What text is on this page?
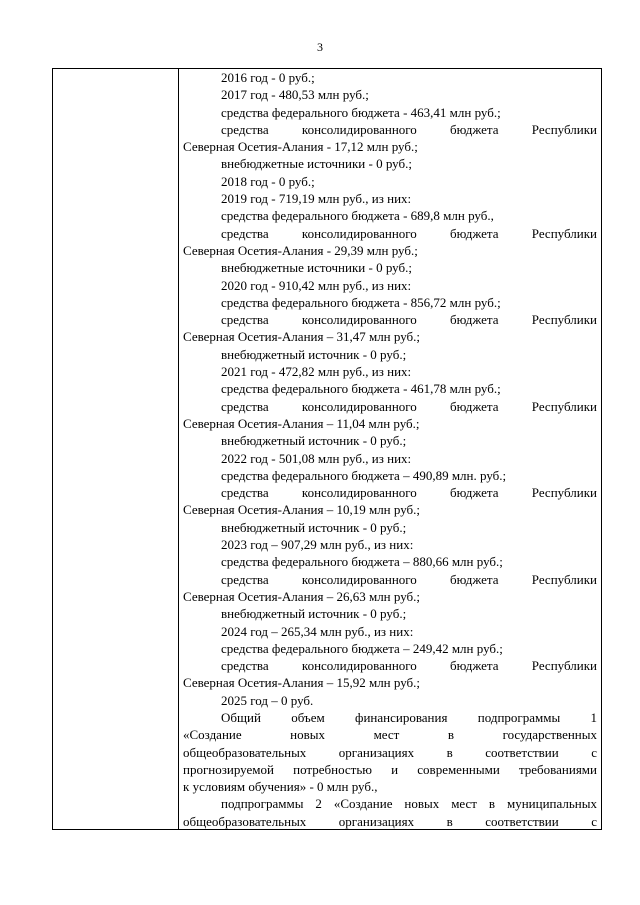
3
2016 год - 0 руб.;
2017 год - 480,53 млн руб.;
средства федерального бюджета - 463,41 млн руб.;
средства консолидированного бюджета Республики
Северная Осетия-Алания - 17,12 млн руб.;
внебюджетные источники - 0 руб.;
2018 год - 0 руб.;
2019 год - 719,19 млн руб., из них:
средства федерального бюджета - 689,8 млн руб.,
средства консолидированного бюджета Республики
Северная Осетия-Алания - 29,39 млн руб.;
внебюджетные источники - 0 руб.;
2020 год - 910,42 млн руб., из них:
средства федерального бюджета - 856,72 млн руб.;
средства консолидированного бюджета Республики
Северная Осетия-Алания – 31,47 млн руб.;
внебюджетный источник - 0 руб.;
2021 год - 472,82 млн руб., из них:
средства федерального бюджета - 461,78 млн руб.;
средства консолидированного бюджета Республики
Северная Осетия-Алания – 11,04 млн руб.;
внебюджетный источник - 0 руб.;
2022 год - 501,08 млн руб., из них:
средства федерального бюджета – 490,89 млн. руб.;
средства консолидированного бюджета Республики
Северная Осетия-Алания – 10,19 млн руб.;
внебюджетный источник - 0 руб.;
2023 год – 907,29 млн руб., из них:
средства федерального бюджета – 880,66 млн руб.;
средства консолидированного бюджета Республики
Северная Осетия-Алания – 26,63 млн руб.;
внебюджетный источник - 0 руб.;
2024 год – 265,34 млн руб., из них:
средства федерального бюджета – 249,42 млн руб.;
средства консолидированного бюджета Республики
Северная Осетия-Алания – 15,92 млн руб.;
2025 год – 0 руб.
Общий объем финансирования подпрограммы 1
«Создание новых мест в государственных
общеобразовательных организациях в соответствии с
прогнозируемой потребностью и современными требованиями
к условиям обучения» - 0 млн руб.,
подпрограммы 2 «Создание новых мест в муниципальных
общеобразовательных организациях в соответствии с
